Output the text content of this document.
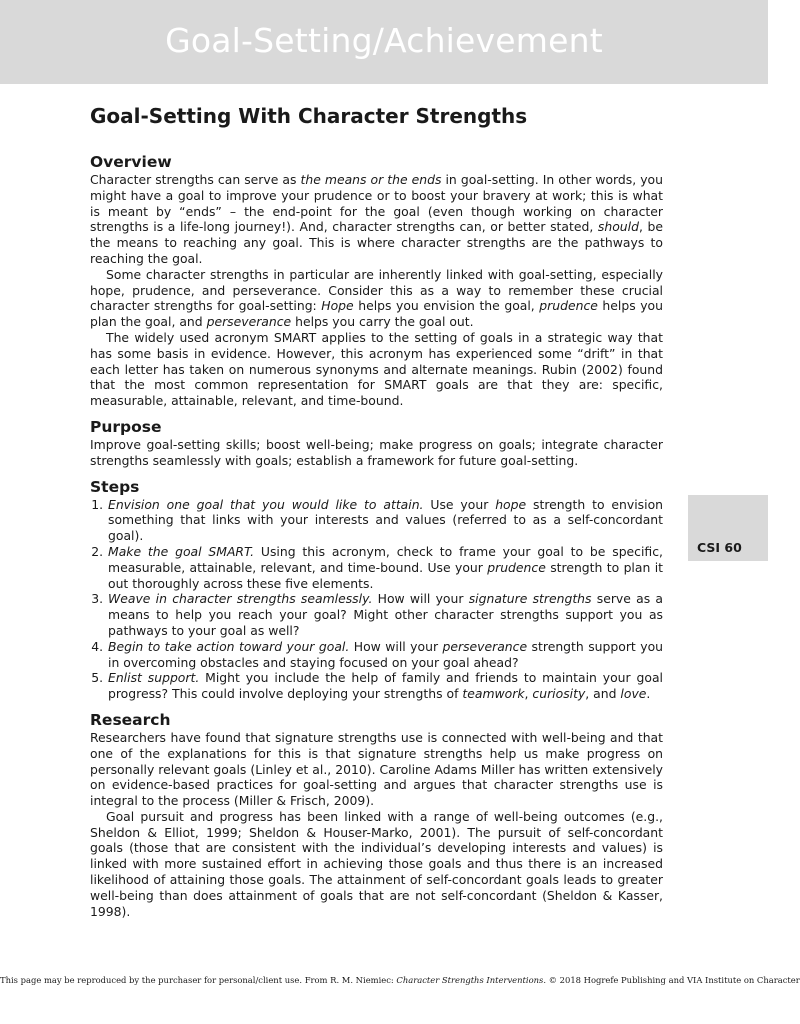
Goal-Setting/Achievement
CSI 60
Goal-Setting With Character Strengths
Overview

Character strengths can serve as the means or the ends in goal-setting. In other words, you might have a goal to improve your prudence or to boost your bravery at work; this is what is meant by “ends” – the end-point for the goal (even though working on character strengths is a life-long journey!). And, character strengths can, or better stated, should, be the means to reaching any goal. This is where character strengths are the pathways to reaching the goal.

Some character strengths in particular are inherently linked with goal-setting, especially hope, prudence, and perseverance. Consider this as a way to remember these crucial character strengths for goal-setting: Hope helps you envision the goal, prudence helps you plan the goal, and perseverance helps you carry the goal out.

The widely used acronym SMART applies to the setting of goals in a strategic way that has some basis in evidence. However, this acronym has experienced some “drift” in that each letter has taken on numerous synonyms and alternate meanings. Rubin (2002) found that the most common representation for SMART goals are that they are: specific, measurable, attainable, relevant, and time-bound.

Purpose

Improve goal-setting skills; boost well-being; make progress on goals; integrate character strengths seamlessly with goals; establish a framework for future goal-setting.

Steps
1. Envision one goal that you would like to attain. Use your hope strength to envision something that links with your interests and values (referred to as a self-concordant goal).
2. Make the goal SMART. Using this acronym, check to frame your goal to be specific, measurable, attainable, relevant, and time-bound. Use your prudence strength to plan it out thoroughly across these five elements.
3. Weave in character strengths seamlessly. How will your signature strengths serve as a means to help you reach your goal? Might other character strengths support you as pathways to your goal as well?
4. Begin to take action toward your goal. How will your perseverance strength support you in overcoming obstacles and staying focused on your goal ahead?
5. Enlist support. Might you include the help of family and friends to maintain your goal progress? This could involve deploying your strengths of teamwork, curiosity, and love.
Research

Researchers have found that signature strengths use is connected with well-being and that one of the explanations for this is that signature strengths help us make progress on personally relevant goals (Linley et al., 2010). Caroline Adams Miller has written extensively on evidence-based practices for goal-setting and argues that character strengths use is integral to the process (Miller & Frisch, 2009).

Goal pursuit and progress has been linked with a range of well-being outcomes (e.g., Sheldon & Elliot, 1999; Sheldon & Houser-Marko, 2001). The pursuit of self-concordant goals (those that are consistent with the individual’s developing interests and values) is linked with more sustained effort in achieving those goals and thus there is an increased likelihood of attaining those goals. The attainment of self-concordant goals leads to greater well-being than does attainment of goals that are not self-concordant (Sheldon & Kasser, 1998).

This page may be reproduced by the purchaser for personal/client use. From R. M. Niemiec: Character Strengths Interventions. © 2018 Hogrefe Publishing and VIA Institute on Character
